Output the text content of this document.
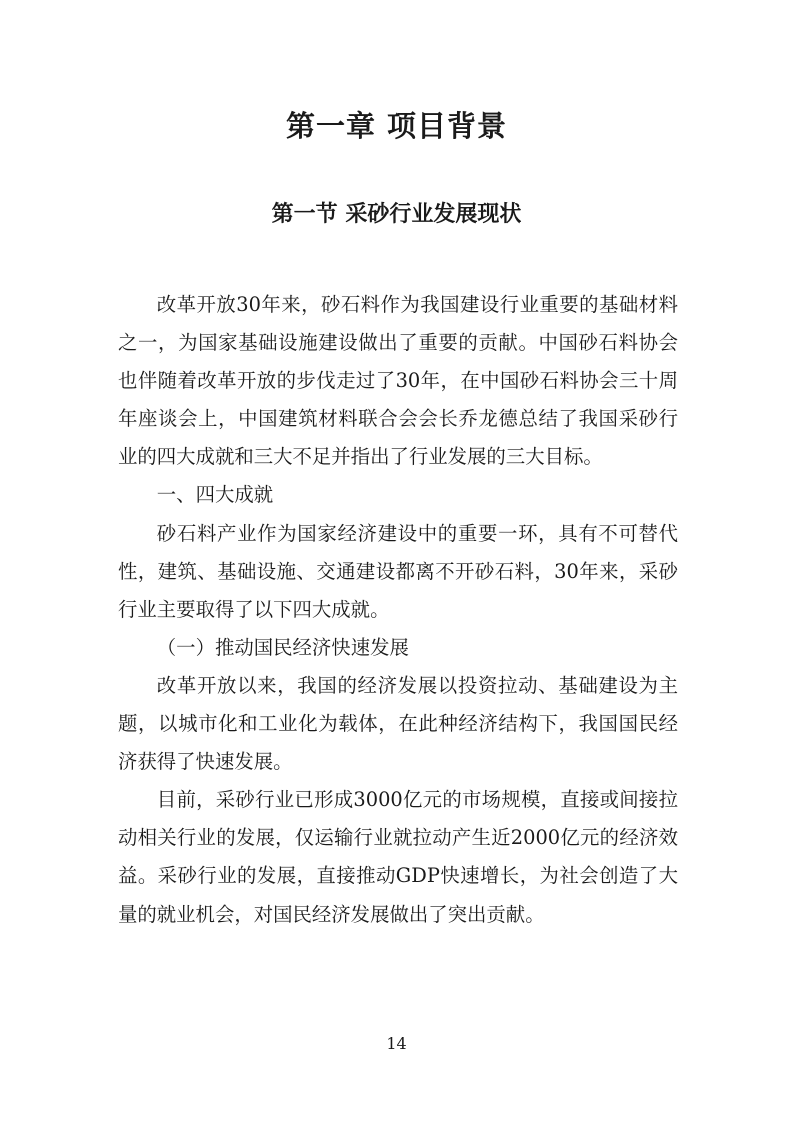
第一章 项目背景
第一节 采砂行业发展现状

改革开放30年来，砂石料作为我国建设行业重要的基础材料之一，为国家基础设施建设做出了重要的贡献。中国砂石料协会也伴随着改革开放的步伐走过了30年，在中国砂石料协会三十周年座谈会上，中国建筑材料联合会会长乔龙德总结了我国采砂行业的四大成就和三大不足并指出了行业发展的三大目标。

一、四大成就

砂石料产业作为国家经济建设中的重要一环，具有不可替代性，建筑、基础设施、交通建设都离不开砂石料，30年来，采砂行业主要取得了以下四大成就。

（一）推动国民经济快速发展

改革开放以来，我国的经济发展以投资拉动、基础建设为主题，以城市化和工业化为载体，在此种经济结构下，我国国民经济获得了快速发展。

目前，采砂行业已形成3000亿元的市场规模，直接或间接拉动相关行业的发展，仅运输行业就拉动产生近2000亿元的经济效益。采砂行业的发展，直接推动GDP快速增长，为社会创造了大量的就业机会，对国民经济发展做出了突出贡献。

14
